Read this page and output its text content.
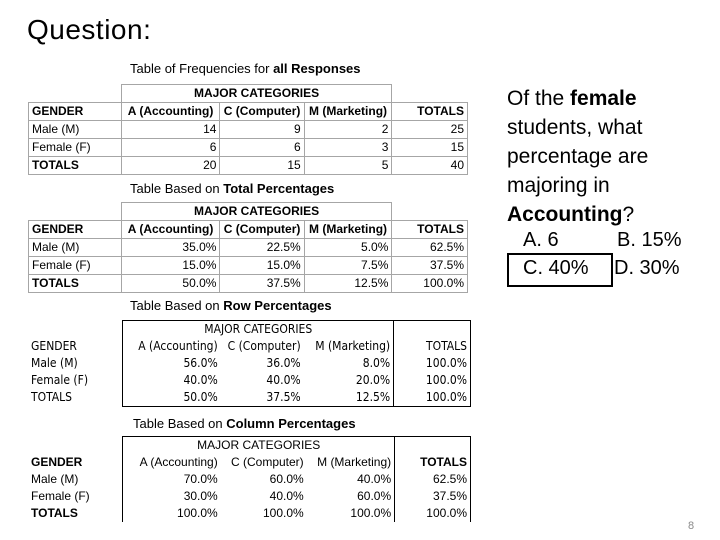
Question:
Table of Frequencies for all Responses
	MAJOR CATEGORIES			
GENDER	A (Accounting)	C (Computer)	M (Marketing)	TOTALS
Male (M)	14	9	2	25
Female (F)	6	6	3	15
TOTALS	20	15	5	40
Table Based on Total Percentages
	MAJOR CATEGORIES			
GENDER	A (Accounting)	C (Computer)	M (Marketing)	TOTALS
Male (M)	35.0%	22.5%	5.0%	62.5%
Female (F)	15.0%	15.0%	7.5%	37.5%
TOTALS	50.0%	37.5%	12.5%	100.0%
Table Based on Row Percentages
	MAJOR CATEGORIES			
GENDER	A (Accounting)	C (Computer)	M (Marketing)	TOTALS
Male (M)	56.0%	36.0%	8.0%	100.0%
Female (F)	40.0%	40.0%	20.0%	100.0%
TOTALS	50.0%	37.5%	12.5%	100.0%
Table Based on Column Percentages
	MAJOR CATEGORIES			
GENDER	A (Accounting)	C (Computer)	M (Marketing)	TOTALS
Male (M)	70.0%	60.0%	40.0%	62.5%
Female (F)	30.0%	40.0%	60.0%	37.5%
TOTALS	100.0%	100.0%	100.0%	100.0%
Of the female
students, what
percentage are
majoring in
Accounting?
A. 6	B. 15%
C. 40% D. 30%
8
